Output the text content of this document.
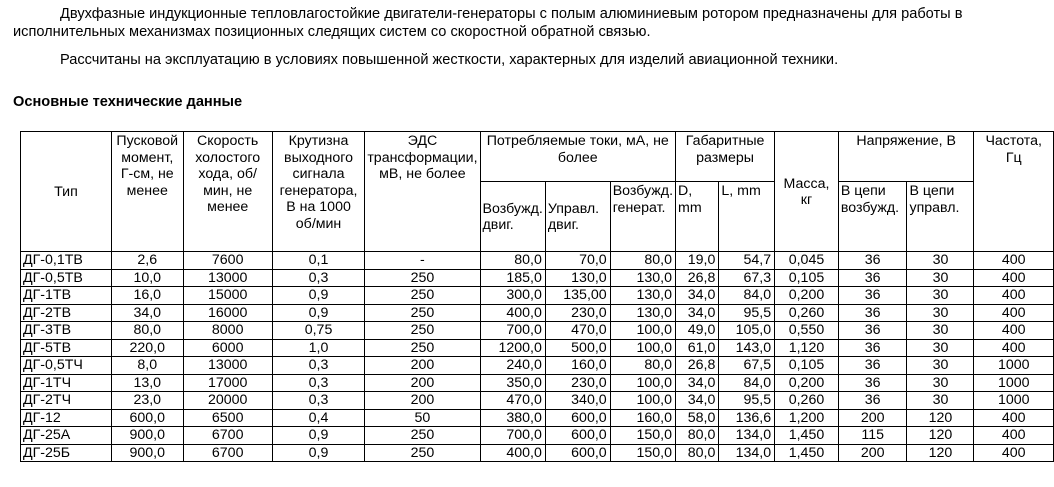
Двухфазные индукционные тепловлагостойкие двигатели-генераторы с полым алюминиевым ротором предназначены для работы в исполнительных механизмах позиционных следящих систем со скоростной обратной связью.

Рассчитаны на эксплуатацию в условиях повышенной жесткости, характерных для изделий авиационной техники.

Основные технические данные

Тип	Пусковой момент, Г-см, не менее	Скорость холостого хода, об/мин, не менее	Крутизна выходного сигнала генератора, В на 1000 об/мин	ЭДС трансформации, мВ, не более	Потребляемые токи, мА, не более			Габаритные размеры		Масса, кг	Напряжение, В		Частота, Гц
					Возбужд. двиг.	Управл. двиг.	Возбужд. генерат.	D, mm	L, mm		В цепи возбужд.	В цепи управл.	

ДГ-0,1ТВ	2,6	7600	0,1	-	80,0	70,0	80,0	19,0	54,7	0,045	36	30	400
ДГ-0,5ТВ	10,0	13000	0,3	250	185,0	130,0	130,0	26,8	67,3	0,105	36	30	400
ДГ-1ТВ	16,0	15000	0,9	250	300,0	135,00	130,0	34,0	84,0	0,200	36	30	400
ДГ-2ТВ	34,0	16000	0,9	250	400,0	230,0	130,0	34,0	95,5	0,260	36	30	400
ДГ-3ТВ	80,0	8000	0,75	250	700,0	470,0	100,0	49,0	105,0	0,550	36	30	400
ДГ-5ТВ	220,0	6000	1,0	250	1200,0	500,0	100,0	61,0	143,0	1,120	36	30	400
ДГ-0,5ТЧ	8,0	13000	0,3	200	240,0	160,0	80,0	26,8	67,5	0,105	36	30	1000
ДГ-1ТЧ	13,0	17000	0,3	200	350,0	230,0	100,0	34,0	84,0	0,200	36	30	1000
ДГ-2ТЧ	23,0	20000	0,3	200	470,0	340,0	100,0	34,0	95,5	0,260	36	30	1000
ДГ-12	600,0	6500	0,4	50	380,0	600,0	160,0	58,0	136,6	1,200	200	120	400
ДГ-25А	900,0	6700	0,9	250	700,0	600,0	150,0	80,0	134,0	1,450	115	120	400
ДГ-25Б	900,0	6700	0,9	250	400,0	600,0	150,0	80,0	134,0	1,450	200	120	400
